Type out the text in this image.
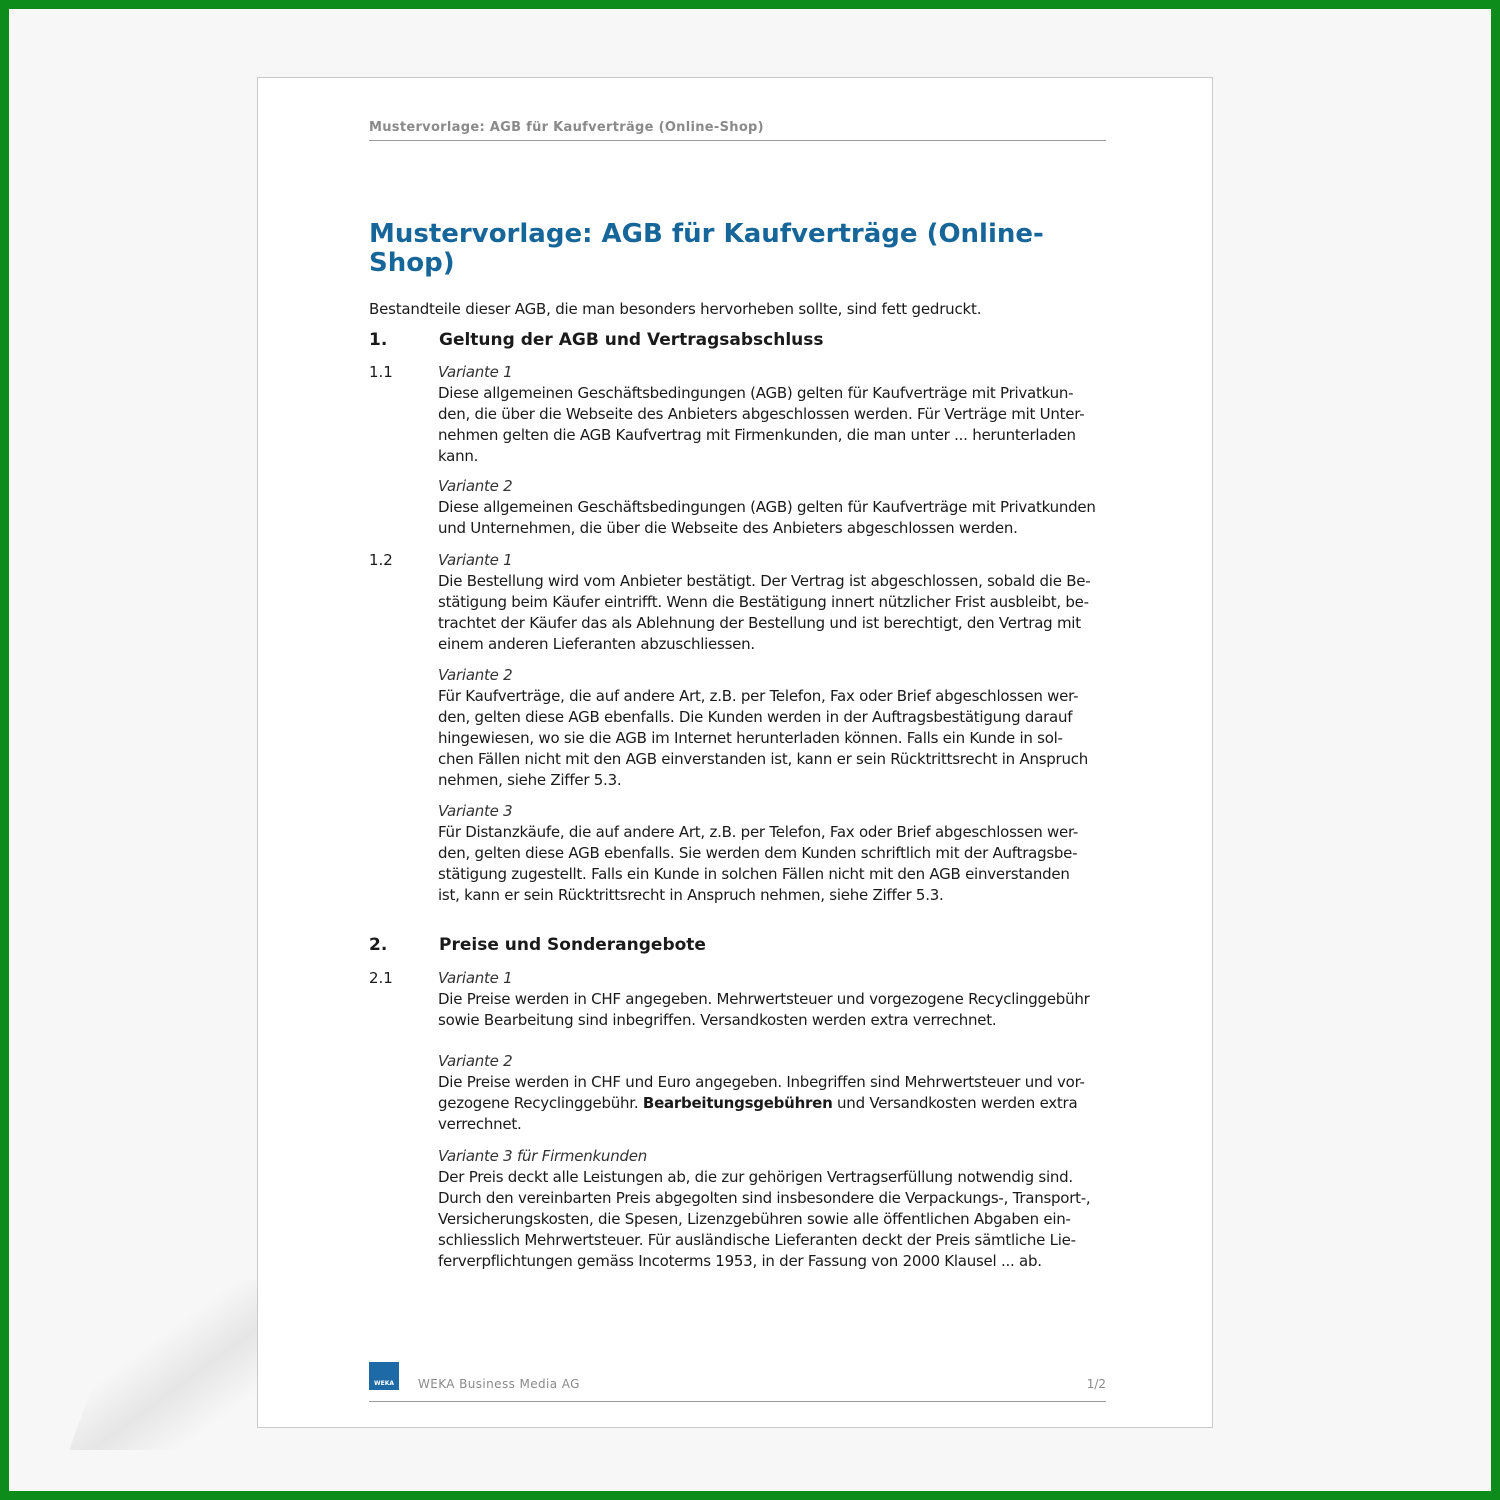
Mustervorlage: AGB für Kaufverträge (Online-Shop)
Mustervorlage: AGB für Kaufverträge (Online-
Shop)
Bestandteile dieser AGB, die man besonders hervorheben sollte, sind fett gedruckt.
1.	Geltung der AGB und Vertragsabschluss
1.1	Variante 1
Diese allgemeinen Geschäftsbedingungen (AGB) gelten für Kaufverträge mit Privatkun-
den, die über die Webseite des Anbieters abgeschlossen werden. Für Verträge mit Unter-
nehmen gelten die AGB Kaufvertrag mit Firmenkunden, die man unter ... herunterladen
kann.
Variante 2
Diese allgemeinen Geschäftsbedingungen (AGB) gelten für Kaufverträge mit Privatkunden
und Unternehmen, die über die Webseite des Anbieters abgeschlossen werden.
1.2	Variante 1
Die Bestellung wird vom Anbieter bestätigt. Der Vertrag ist abgeschlossen, sobald die Be-
stätigung beim Käufer eintrifft. Wenn die Bestätigung innert nützlicher Frist ausbleibt, be-
trachtet der Käufer das als Ablehnung der Bestellung und ist berechtigt, den Vertrag mit
einem anderen Lieferanten abzuschliessen.
Variante 2
Für Kaufverträge, die auf andere Art, z.B. per Telefon, Fax oder Brief abgeschlossen wer-
den, gelten diese AGB ebenfalls. Die Kunden werden in der Auftragsbestätigung darauf
hingewiesen, wo sie die AGB im Internet herunterladen können. Falls ein Kunde in sol-
chen Fällen nicht mit den AGB einverstanden ist, kann er sein Rücktrittsrecht in Anspruch
nehmen, siehe Ziffer 5.3.
Variante 3
Für Distanzkäufe, die auf andere Art, z.B. per Telefon, Fax oder Brief abgeschlossen wer-
den, gelten diese AGB ebenfalls. Sie werden dem Kunden schriftlich mit der Auftragsbe-
stätigung zugestellt. Falls ein Kunde in solchen Fällen nicht mit den AGB einverstanden
ist, kann er sein Rücktrittsrecht in Anspruch nehmen, siehe Ziffer 5.3.
2.	Preise und Sonderangebote
2.1	Variante 1
Die Preise werden in CHF angegeben. Mehrwertsteuer und vorgezogene Recyclinggebühr
sowie Bearbeitung sind inbegriffen. Versandkosten werden extra verrechnet.
Variante 2
Die Preise werden in CHF und Euro angegeben. Inbegriffen sind Mehrwertsteuer und vor-
gezogene Recyclinggebühr. Bearbeitungsgebühren und Versandkosten werden extra
verrechnet.
Variante 3 für Firmenkunden
Der Preis deckt alle Leistungen ab, die zur gehörigen Vertragserfüllung notwendig sind.
Durch den vereinbarten Preis abgegolten sind insbesondere die Verpackungs-, Transport-,
Versicherungskosten, die Spesen, Lizenzgebühren sowie alle öffentlichen Abgaben ein-
schliesslich Mehrwertsteuer. Für ausländische Lieferanten deckt der Preis sämtliche Lie-
ferverpflichtungen gemäss Incoterms 1953, in der Fassung von 2000 Klausel ... ab.
WEKA WEKA Business Media AG	1/2
